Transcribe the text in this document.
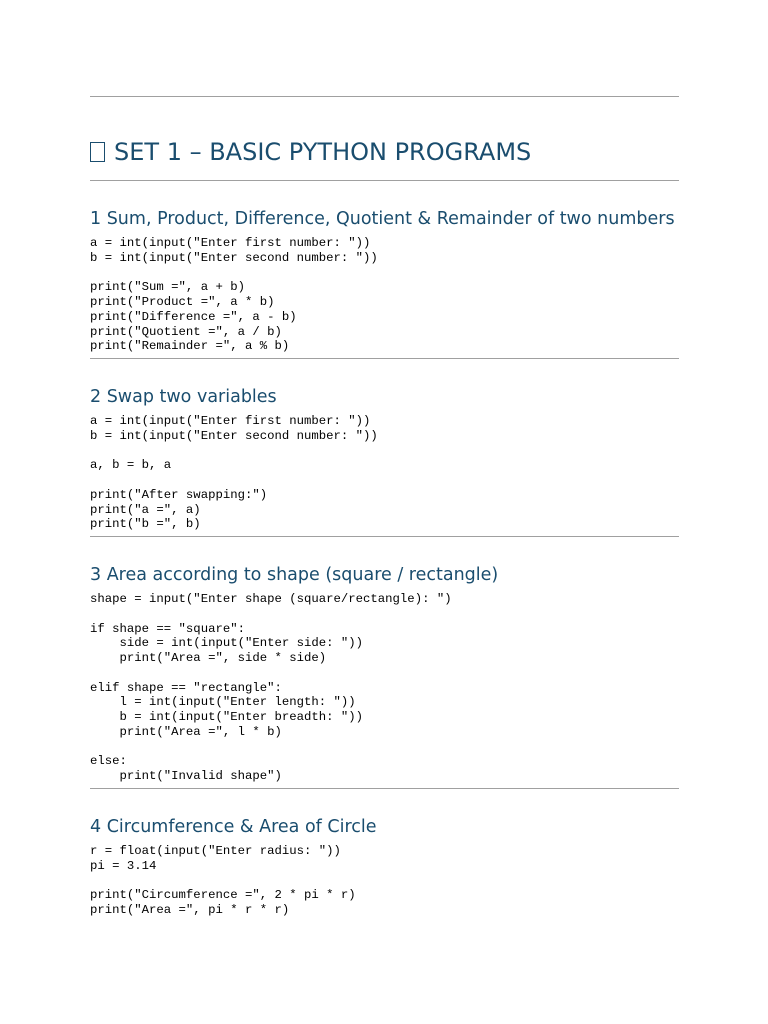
SET 1 – BASIC PYTHON PROGRAMS
1 Sum, Product, Difference, Quotient & Remainder of two numbers
a = int(input("Enter first number: "))
b = int(input("Enter second number: "))

print("Sum =", a + b)
print("Product =", a * b)
print("Difference =", a - b)
print("Quotient =", a / b)
print("Remainder =", a % b)
2 Swap two variables
a = int(input("Enter first number: "))
b = int(input("Enter second number: "))

a, b = b, a

print("After swapping:")
print("a =", a)
print("b =", b)
3 Area according to shape (square / rectangle)
shape = input("Enter shape (square/rectangle): ")

if shape == "square":
side = int(input("Enter side: "))
print("Area =", side * side)

elif shape == "rectangle":
l = int(input("Enter length: "))
b = int(input("Enter breadth: "))
print("Area =", l * b)

else:
print("Invalid shape")
4 Circumference & Area of Circle
r = float(input("Enter radius: "))
pi = 3.14

print("Circumference =", 2 * pi * r)
print("Area =", pi * r * r)
